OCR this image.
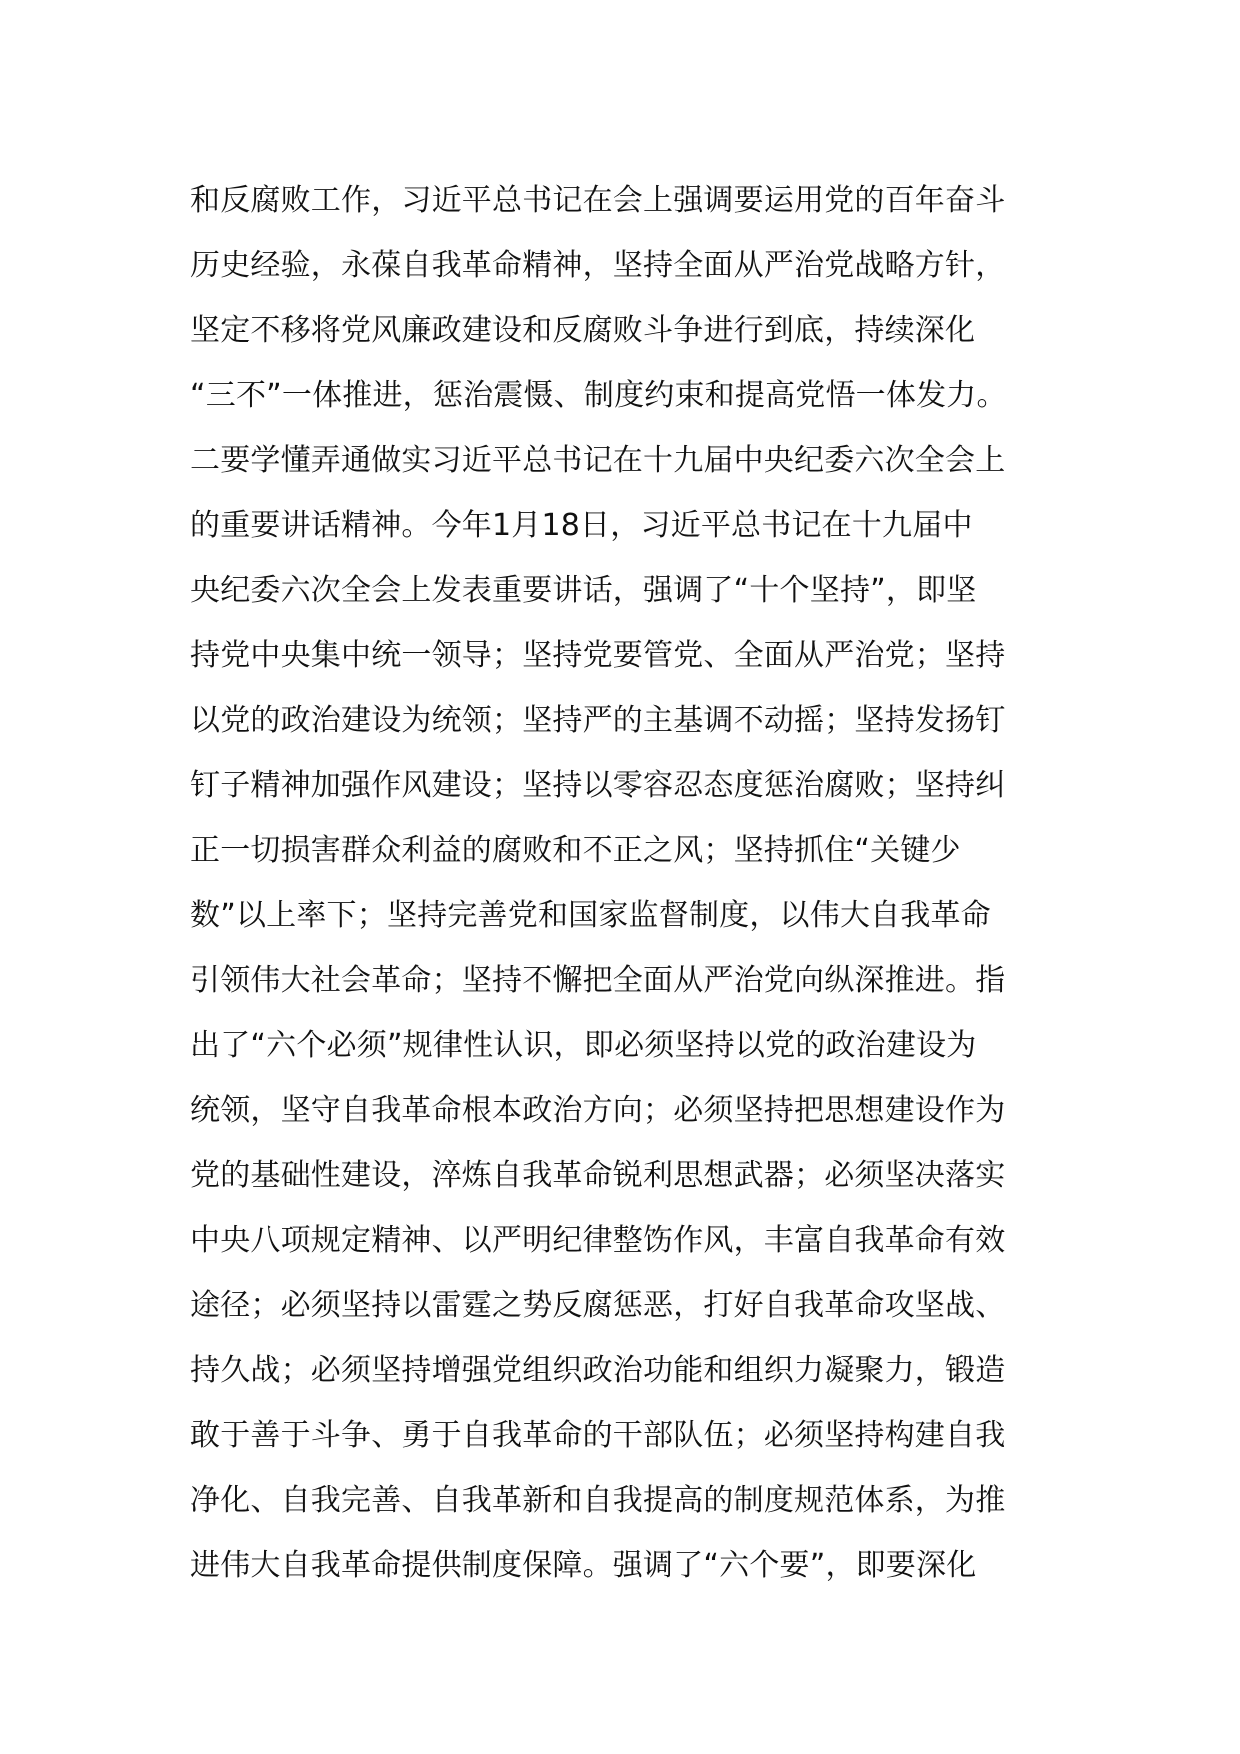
和反腐败工作，习近平总书记在会上强调要运用党的百年奋斗
历史经验，永葆自我革命精神，坚持全面从严治党战略方针，
坚定不移将党风廉政建设和反腐败斗争进行到底，持续深化
“三不”一体推进，惩治震慑、制度约束和提高党悟一体发力。
二要学懂弄通做实习近平总书记在十九届中央纪委六次全会上
的重要讲话精神。今年1月18日，习近平总书记在十九届中
央纪委六次全会上发表重要讲话，强调了“十个坚持”，即坚
持党中央集中统一领导；坚持党要管党、全面从严治党；坚持
以党的政治建设为统领；坚持严的主基调不动摇；坚持发扬钉
钉子精神加强作风建设；坚持以零容忍态度惩治腐败；坚持纠
正一切损害群众利益的腐败和不正之风；坚持抓住“关键少
数”以上率下；坚持完善党和国家监督制度，以伟大自我革命
引领伟大社会革命；坚持不懈把全面从严治党向纵深推进。指
出了“六个必须”规律性认识，即必须坚持以党的政治建设为
统领，坚守自我革命根本政治方向；必须坚持把思想建设作为
党的基础性建设，淬炼自我革命锐利思想武器；必须坚决落实
中央八项规定精神、以严明纪律整饬作风，丰富自我革命有效
途径；必须坚持以雷霆之势反腐惩恶，打好自我革命攻坚战、
持久战；必须坚持增强党组织政治功能和组织力凝聚力，锻造
敢于善于斗争、勇于自我革命的干部队伍；必须坚持构建自我
净化、自我完善、自我革新和自我提高的制度规范体系，为推
进伟大自我革命提供制度保障。强调了“六个要”，即要深化
